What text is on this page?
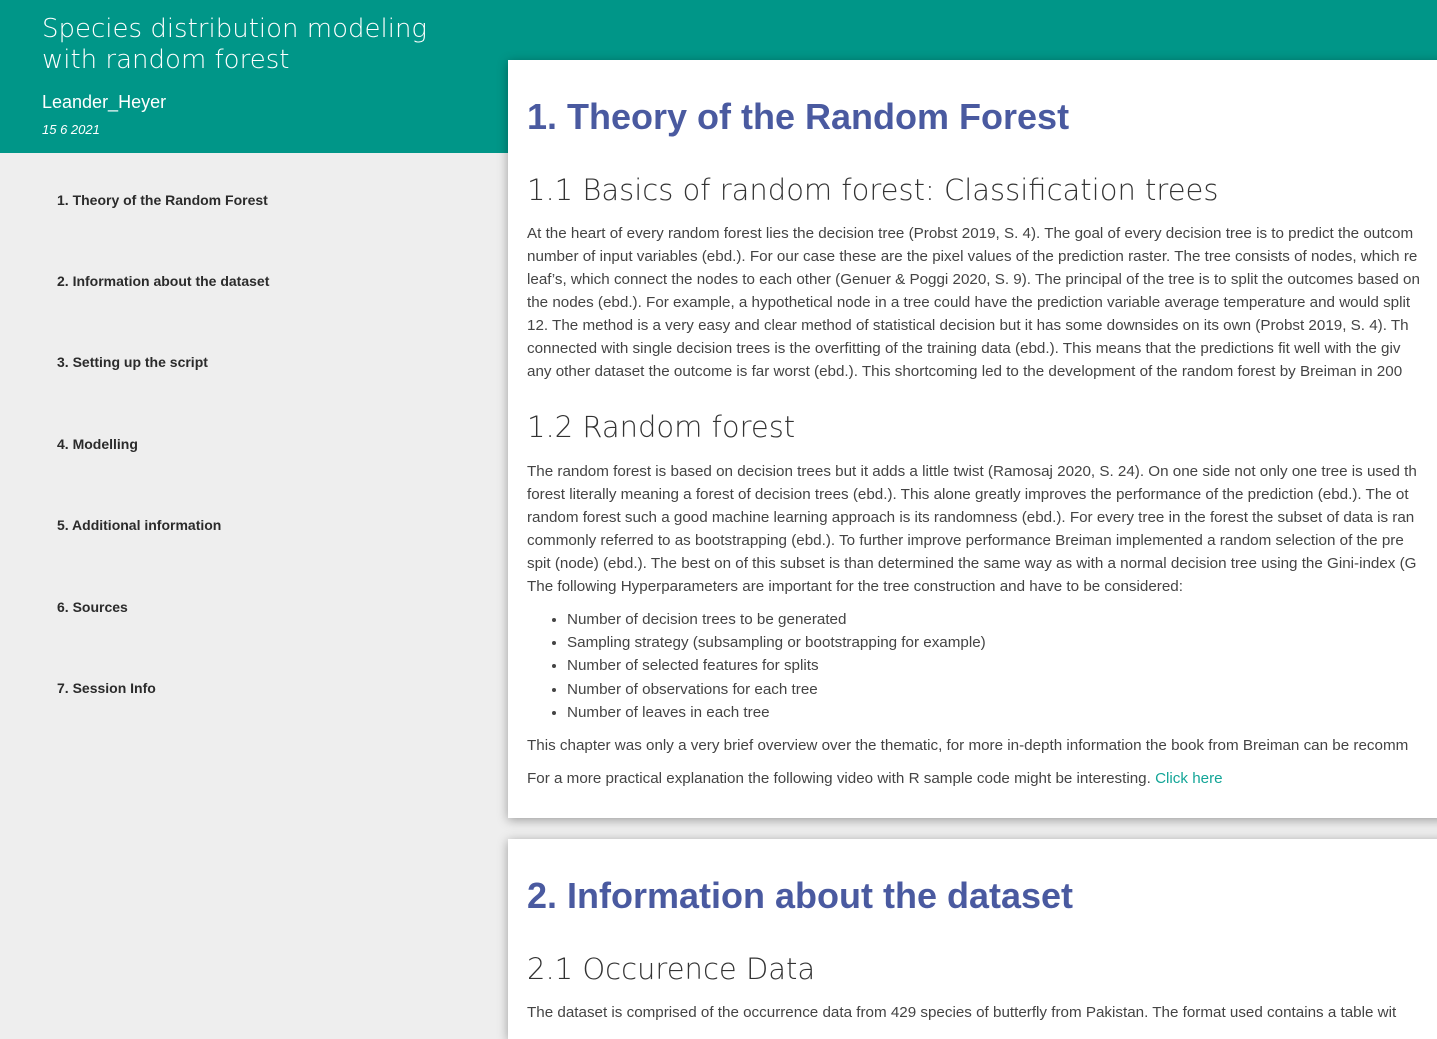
Species distribution modeling with random forest
Leander_Heyer
15 6 2021
1. Theory of the Random Forest
2. Information about the dataset
3. Setting up the script
4. Modelling
5. Additional information
6. Sources
7. Session Info
1. Theory of the Random Forest
1.1 Basics of random forest: Classification trees
At the heart of every random forest lies the decision tree (Probst 2019, S. 4). The goal of every decision tree is to predict the outcom
number of input variables (ebd.). For our case these are the pixel values of the prediction raster. The tree consists of nodes, which re
leaf’s, which connect the nodes to each other (Genuer & Poggi 2020, S. 9). The principal of the tree is to split the outcomes based on
the nodes (ebd.). For example, a hypothetical node in a tree could have the prediction variable average temperature and would split
12. The method is a very easy and clear method of statistical decision but it has some downsides on its own (Probst 2019, S. 4). Th
connected with single decision trees is the overfitting of the training data (ebd.). This means that the predictions fit well with the giv
any other dataset the outcome is far worst (ebd.). This shortcoming led to the development of the random forest by Breiman in 200
1.2 Random forest
The random forest is based on decision trees but it adds a little twist (Ramosaj 2020, S. 24). On one side not only one tree is used th
forest literally meaning a forest of decision trees (ebd.). This alone greatly improves the performance of the prediction (ebd.). The ot
random forest such a good machine learning approach is its randomness (ebd.). For every tree in the forest the subset of data is ran
commonly referred to as bootstrapping (ebd.). To further improve performance Breiman implemented a random selection of the pre
spit (node) (ebd.). The best on of this subset is than determined the same way as with a normal decision tree using the Gini-index (G
The following Hyperparameters are important for the tree construction and have to be considered:
• Number of decision trees to be generated
• Sampling strategy (subsampling or bootstrapping for example)
• Number of selected features for splits
• Number of observations for each tree
• Number of leaves in each tree
This chapter was only a very brief overview over the thematic, for more in-depth information the book from Breiman can be recomm
For a more practical explanation the following video with R sample code might be interesting. Click here
2. Information about the dataset
2.1 Occurence Data
The dataset is comprised of the occurrence data from 429 species of butterfly from Pakistan. The format used contains a table wit
